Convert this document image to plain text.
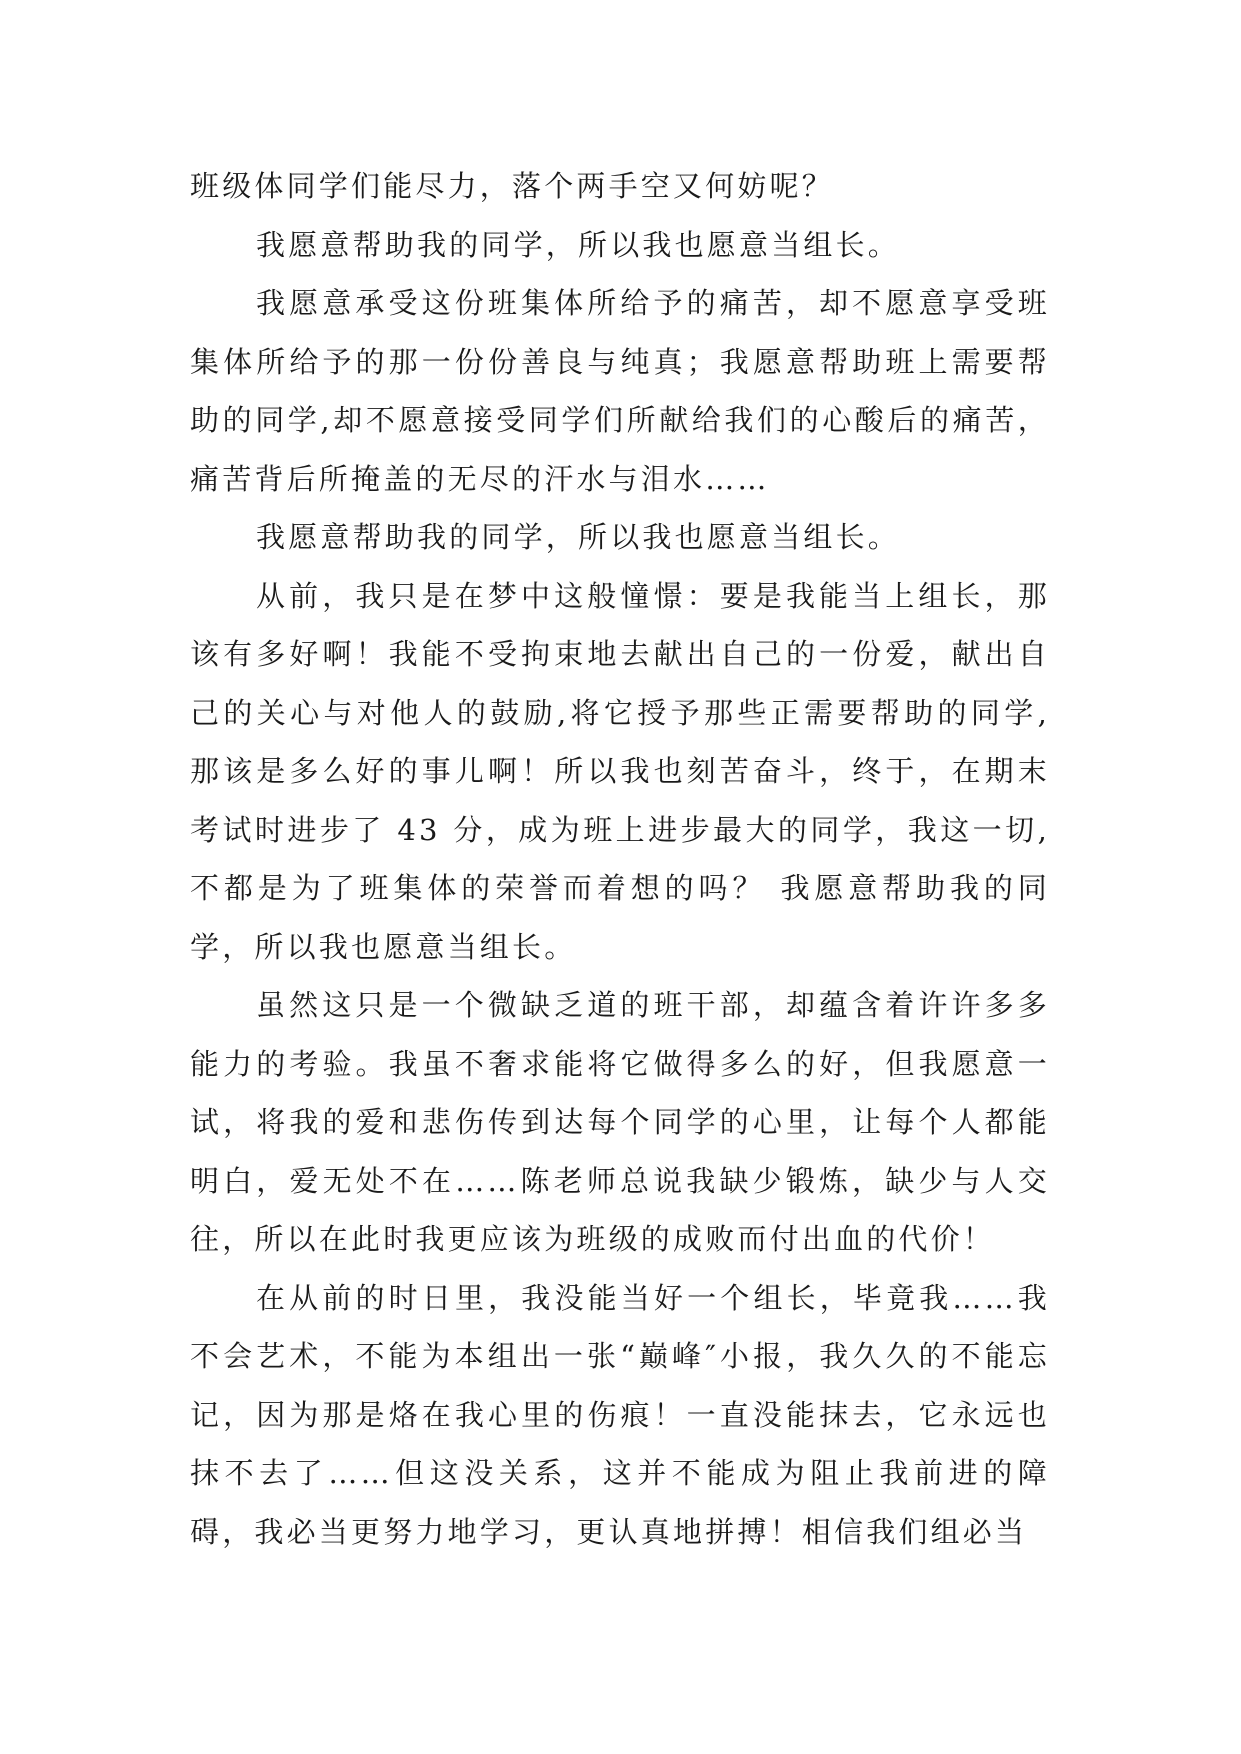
班级体同学们能尽力，落个两手空又何妨呢？

我愿意帮助我的同学，所以我也愿意当组长。

我愿意承受这份班集体所给予的痛苦，却不愿意享受班集体所给予的那一份份善良与纯真；我愿意帮助班上需要帮助的同学,却不愿意接受同学们所献给我们的心酸后的痛苦，痛苦背后所掩盖的无尽的汗水与泪水……

我愿意帮助我的同学，所以我也愿意当组长。

从前，我只是在梦中这般憧憬：要是我能当上组长，那该有多好啊！我能不受拘束地去献出自己的一份爱，献出自己的关心与对他人的鼓励,将它授予那些正需要帮助的同学,那该是多么好的事儿啊！所以我也刻苦奋斗，终于，在期末考试时进步了 43 分，成为班上进步最大的同学，我这一切,不都是为了班集体的荣誉而着想的吗？ 我愿意帮助我的同学，所以我也愿意当组长。

虽然这只是一个微缺乏道的班干部，却蕴含着许许多多能力的考验。我虽不奢求能将它做得多么的好，但我愿意一试，将我的爱和悲伤传到达每个同学的心里，让每个人都能明白，爱无处不在……陈老师总说我缺少锻炼，缺少与人交往，所以在此时我更应该为班级的成败而付出血的代价！

在从前的时日里，我没能当好一个组长，毕竟我……我不会艺术，不能为本组出一张“巅峰″小报，我久久的不能忘记，因为那是烙在我心里的伤痕！一直没能抹去，它永远也抹不去了……但这没关系，这并不能成为阻止我前进的障碍，我必当更努力地学习，更认真地拼搏！相信我们组必当
